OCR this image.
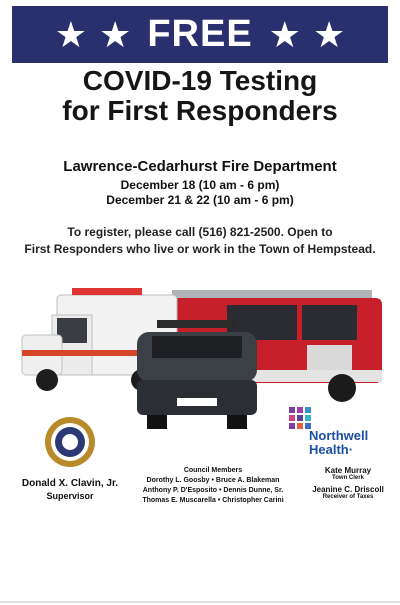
★ ★ FREE ★ ★
COVID-19 Testing
for First Responders
Lawrence-Cedarhurst Fire Department
December 18 (10 am - 6 pm)
December 21 & 22 (10 am - 6 pm)
To register, please call (516) 821-2500. Open to
First Responders who live or work in the Town of Hempstead.
Northwell
Health·
Donald X. Clavin, Jr.
Supervisor
Council Members
Dorothy L. Goosby • Bruce A. Blakeman
Anthony P. D'Esposito • Dennis Dunne, Sr.
Thomas E. Muscarella • Christopher Carini
Kate Murray
Town Clerk
Jeanine C. Driscoll
Receiver of Taxes
